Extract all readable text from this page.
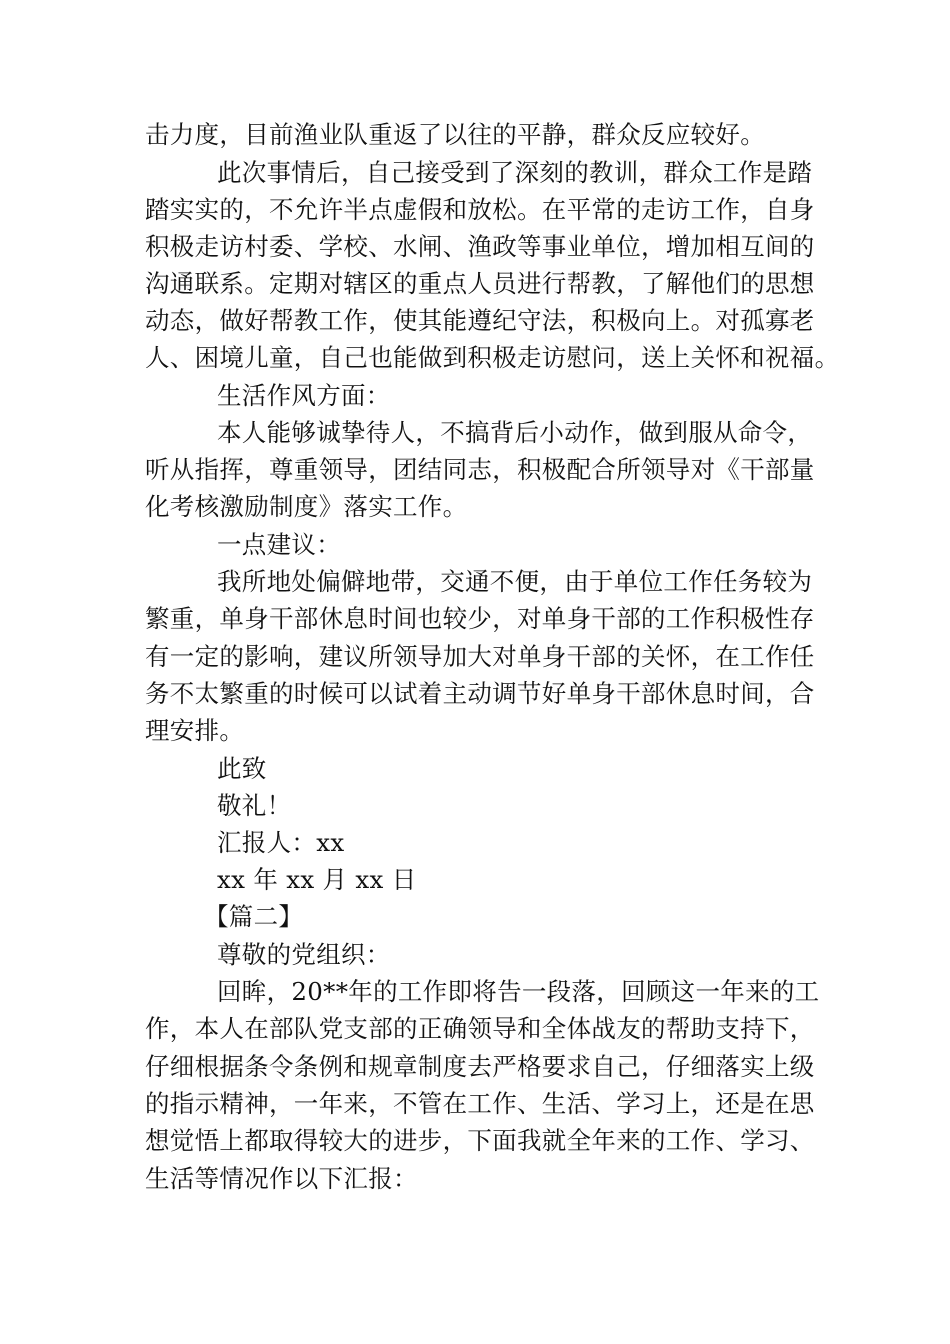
击力度，目前渔业队重返了以往的平静，群众反应较好。
此次事情后，自己接受到了深刻的教训，群众工作是踏
踏实实的，不允许半点虚假和放松。在平常的走访工作，自身
积极走访村委、学校、水闸、渔政等事业单位，增加相互间的
沟通联系。定期对辖区的重点人员进行帮教，了解他们的思想
动态，做好帮教工作，使其能遵纪守法，积极向上。对孤寡老
人、困境儿童，自己也能做到积极走访慰问，送上关怀和祝福。
生活作风方面：
本人能够诚挚待人，不搞背后小动作，做到服从命令，
听从指挥，尊重领导，团结同志，积极配合所领导对《干部量
化考核激励制度》落实工作。
一点建议：
我所地处偏僻地带，交通不便，由于单位工作任务较为
繁重，单身干部休息时间也较少，对单身干部的工作积极性存
有一定的影响，建议所领导加大对单身干部的关怀，在工作任
务不太繁重的时候可以试着主动调节好单身干部休息时间，合
理安排。
此致
敬礼！
汇报人：xx
xx 年 xx 月 xx 日
【篇二】
尊敬的党组织：
回眸，20**年的工作即将告一段落，回顾这一年来的工
作，本人在部队党支部的正确领导和全体战友的帮助支持下，
仔细根据条令条例和规章制度去严格要求自己，仔细落实上级
的指示精神，一年来，不管在工作、生活、学习上，还是在思
想觉悟上都取得较大的进步，下面我就全年来的工作、学习、
生活等情况作以下汇报：
